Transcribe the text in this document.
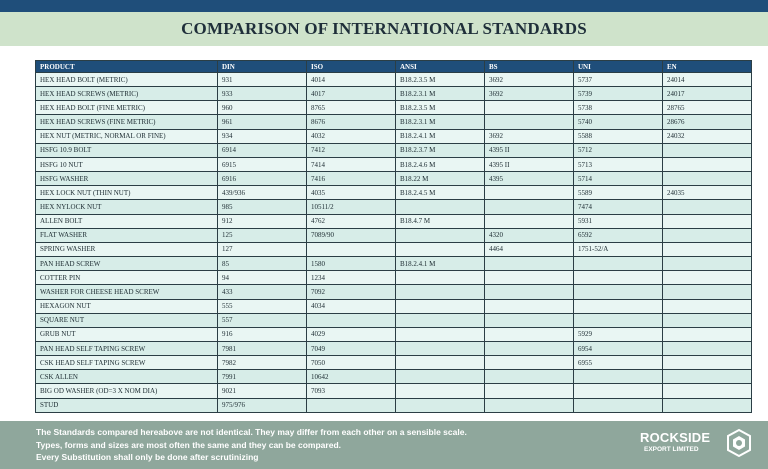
COMPARISON OF INTERNATIONAL STANDARDS
PRODUCT	DIN	ISO	ANSI	BS	UNI	EN
HEX HEAD BOLT (METRIC)	931	4014	B18.2.3.5 M	3692	5737	24014
HEX HEAD SCREWS (METRIC)	933	4017	B18.2.3.1 M	3692	5739	24017
HEX HEAD BOLT (FINE METRIC)	960	8765	B18.2.3.5 M		5738	28765
HEX HEAD SCREWS (FINE METRIC)	961	8676	B18.2.3.1 M		5740	28676
HEX NUT (METRIC, NORMAL OR FINE)	934	4032	B18.2.4.1 M	3692	5588	24032
HSFG 10.9 BOLT	6914	7412	B18.2.3.7 M	4395 II	5712	
HSFG 10 NUT	6915	7414	B18.2.4.6 M	4395 II	5713	
HSFG WASHER	6916	7416	B18.22 M	4395	5714	
HEX LOCK NUT (THIN NUT)	439/936	4035	B18.2.4.5 M		5589	24035
HEX NYLOCK NUT	985	10511/2			7474	
ALLEN BOLT	912	4762	B18.4.7 M		5931	
FLAT WASHER	125	7089/90		4320	6592	
SPRING WASHER	127			4464	1751-52/A	
PAN HEAD SCREW	85	1580	B18.2.4.1 M			
COTTER PIN	94	1234				
WASHER FOR CHEESE HEAD SCREW	433	7092				
HEXAGON NUT	555	4034				
SQUARE NUT	557					
GRUB NUT	916	4029			5929	
PAN HEAD SELF TAPING SCREW	7981	7049			6954	
CSK HEAD SELF TAPING SCREW	7982	7050			6955	
CSK ALLEN	7991	10642				
BIG OD WASHER (OD=3 X NOM DIA)	9021	7093				
STUD	975/976					
The Standards compared hereabove are not identical. They may differ from each other on a sensible scale.
Types, forms and sizes are most often the same and they can be compared.
Every Substitution shall only be done after scrutinizing
ROCKSIDE
EXPORT LIMITED
